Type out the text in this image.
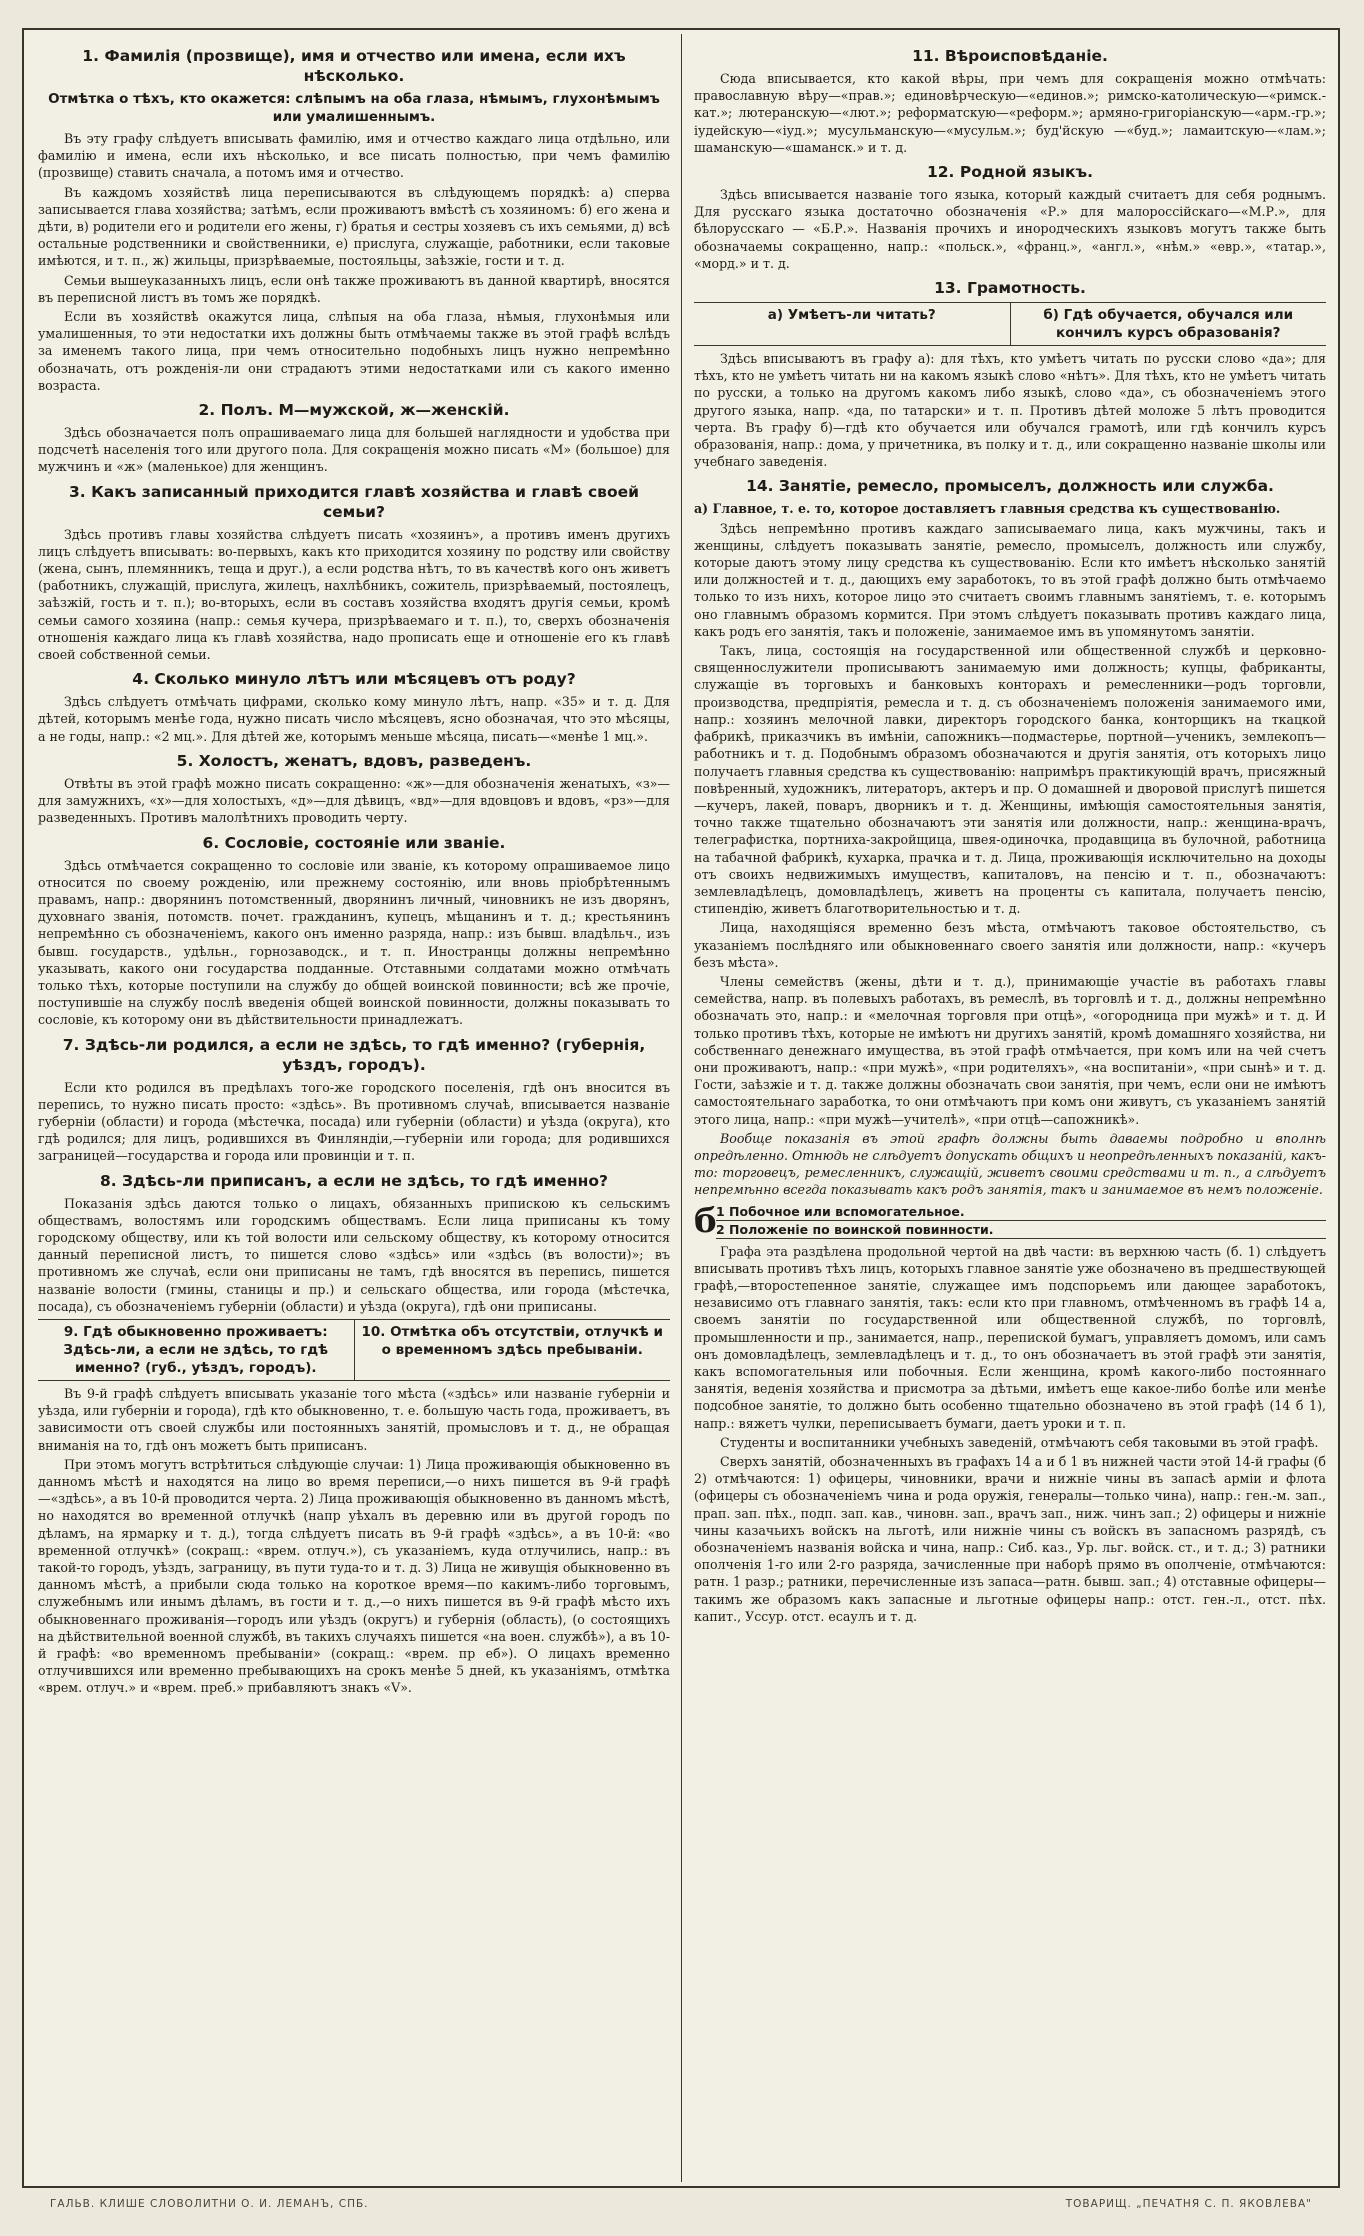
1. Фамилія (прозвище), имя и отчество или имена, если ихъ нѣсколько.
Отмѣтка о тѣхъ, кто окажется: слѣпымъ на оба глаза, нѣмымъ, глухонѣмымъ или умалишеннымъ.

Въ эту графу слѣдуетъ вписывать фамилію, имя и отчество каждаго лица отдѣльно, или фамилію и имена, если ихъ нѣсколько, и все писать полностью, при чемъ фамилію (прозвище) ставить сначала, а потомъ имя и отчество.

Въ каждомъ хозяйствѣ лица переписываются въ слѣдующемъ порядкѣ: а) сперва записывается глава хозяйства; затѣмъ, если проживаютъ вмѣстѣ съ хозяиномъ: б) его жена и дѣти, в) родители его и родители его жены, г) братья и сестры хозяевъ съ ихъ семьями, д) всѣ остальные родственники и свойственники, е) прислуга, служащіе, работники, если таковые имѣются, и т. п., ж) жильцы, призрѣваемые, постояльцы, заѣзжіе, гости и т. д.

Семьи вышеуказанныхъ лицъ, если онѣ также проживаютъ въ данной квартирѣ, вносятся въ переписной листъ въ томъ же порядкѣ.

Если въ хозяйствѣ окажутся лица, слѣпыя на оба глаза, нѣмыя, глухонѣмыя или умалишенныя, то эти недостатки ихъ должны быть отмѣчаемы также въ этой графѣ вслѣдъ за именемъ такого лица, при чемъ относительно подобныхъ лицъ нужно непремѣнно обозначать, отъ рожденія-ли они страдаютъ этими недостатками или съ какого именно возраста.

2. Полъ. М—мужской, ж—женскій.

Здѣсь обозначается полъ опрашиваемаго лица для большей наглядности и удобства при подсчетѣ населенія того или другого пола. Для сокращенія можно писать «М» (большое) для мужчинъ и «ж» (маленькое) для женщинъ.

3. Какъ записанный приходится главѣ хозяйства и главѣ своей семьи?

Здѣсь противъ главы хозяйства слѣдуетъ писать «хозяинъ», а противъ именъ другихъ лицъ слѣдуетъ вписывать: во-первыхъ, какъ кто приходится хозяину по родству или свойству (жена, сынъ, племянникъ, теща и друг.), а если родства нѣтъ, то въ качествѣ кого онъ живетъ (работникъ, служащій, прислуга, жилецъ, нахлѣбникъ, сожитель, призрѣваемый, постоялецъ, заѣзжій, гость и т. п.); во-вторыхъ, если въ составъ хозяйства входятъ другія семьи, кромѣ семьи самого хозяина (напр.: семья кучера, призрѣваемаго и т. п.), то, сверхъ обозначенія отношенія каждаго лица къ главѣ хозяйства, надо прописать еще и отношеніе его къ главѣ своей собственной семьи.

4. Сколько минуло лѣтъ или мѣсяцевъ отъ роду?

Здѣсь слѣдуетъ отмѣчать цифрами, сколько кому минуло лѣтъ, напр. «35» и т. д. Для дѣтей, которымъ менѣе года, нужно писать число мѣсяцевъ, ясно обозначая, что это мѣсяцы, а не годы, напр.: «2 мц.». Для дѣтей же, которымъ меньше мѣсяца, писать—«менѣе 1 мц.».

5. Холостъ, женатъ, вдовъ, разведенъ.

Отвѣты въ этой графѣ можно писать сокращенно: «ж»—для обозначенія женатыхъ, «з»—для замужнихъ, «х»—для холостыхъ, «д»—для дѣвицъ, «вд»—для вдовцовъ и вдовъ, «рз»—для разведенныхъ. Противъ малолѣтнихъ проводить черту.

6. Сословіе, состояніе или званіе.

Здѣсь отмѣчается сокращенно то сословіе или званіе, къ которому опрашиваемое лицо относится по своему рожденію, или прежнему состоянію, или вновь пріобрѣтеннымъ правамъ, напр.: дворянинъ потомственный, дворянинъ личный, чиновникъ не изъ дворянъ, духовнаго званія, потомств. почет. гражданинъ, купецъ, мѣщанинъ и т. д.; крестьянинъ непремѣнно съ обозначеніемъ, какого онъ именно разряда, напр.: изъ бывш. владѣльч., изъ бывш. государств., удѣльн., горнозаводск., и т. п. Иностранцы должны непремѣнно указывать, какого они государства подданные. Отставными солдатами можно отмѣчать только тѣхъ, которые поступили на службу до общей воинской повинности; всѣ же прочіе, поступившіе на службу послѣ введенія общей воинской повинности, должны показывать то сословіе, къ которому они въ дѣйствительности принадлежатъ.

7. Здѣсь-ли родился, а если не здѣсь, то гдѣ именно? (губернія, уѣздъ, городъ).

Если кто родился въ предѣлахъ того-же городского поселенія, гдѣ онъ вносится въ перепись, то нужно писать просто: «здѣсь». Въ противномъ случаѣ, вписывается названіе губерніи (области) и города (мѣстечка, посада) или губерніи (области) и уѣзда (округа), кто гдѣ родился; для лицъ, родившихся въ Финляндіи,—губерніи или города; для родившихся заграницей—государства и города или провинціи и т. п.

8. Здѣсь-ли приписанъ, а если не здѣсь, то гдѣ именно?

Показанія здѣсь даются только о лицахъ, обязанныхъ припискою къ сельскимъ обществамъ, волостямъ или городскимъ обществамъ. Если лица приписаны къ тому городскому обществу, или къ той волости или сельскому обществу, къ которому относится данный переписной листъ, то пишется слово «здѣсь» или «здѣсь (въ волости)»; въ противномъ же случаѣ, если они приписаны не тамъ, гдѣ вносятся въ перепись, пишется названіе волости (гмины, станицы и пр.) и сельскаго общества, или города (мѣстечка, посада), съ обозначеніемъ губерніи (области) и уѣзда (округа), гдѣ они приписаны.

9. Гдѣ обыкновенно проживаетъ: Здѣсь-ли, а если не здѣсь, то гдѣ именно? (губ., уѣздъ, городъ).
10. Отмѣтка объ отсутствіи, отлучкѣ и о временномъ здѣсь пребываніи.

Въ 9-й графѣ слѣдуетъ вписывать указаніе того мѣста («здѣсь» или названіе губерніи и уѣзда, или губерніи и города), гдѣ кто обыкновенно, т. е. большую часть года, проживаетъ, въ зависимости отъ своей службы или постоянныхъ занятій, промысловъ и т. д., не обращая вниманія на то, гдѣ онъ можетъ быть приписанъ.

При этомъ могутъ встрѣтиться слѣдующіе случаи: 1) Лица проживающія обыкновенно въ данномъ мѣстѣ и находятся на лицо во время переписи,—о нихъ пишется въ 9-й графѣ—«здѣсь», а въ 10-й проводится черта. 2) Лица проживающія обыкновенно въ данномъ мѣстѣ, но находятся во временной отлучкѣ (напр уѣхалъ въ деревню или въ другой городъ по дѣламъ, на ярмарку и т. д.), тогда слѣдуетъ писать въ 9-й графѣ «здѣсь», а въ 10-й: «во временной отлучкѣ» (сокращ.: «врем. отлуч.»), съ указаніемъ, куда отлучились, напр.: въ такой-то городъ, уѣздъ, заграницу, въ пути туда-то и т. д. 3) Лица не живущія обыкновенно въ данномъ мѣстѣ, а прибыли сюда только на короткое время—по какимъ-либо торговымъ, служебнымъ или инымъ дѣламъ, въ гости и т. д.,—о нихъ пишется въ 9-й графѣ мѣсто ихъ обыкновеннаго проживанія—городъ или уѣздъ (округъ) и губернія (область), (о состоящихъ на дѣйствительной военной службѣ, въ такихъ случаяхъ пишется «на воен. службѣ»), а въ 10-й графѣ: «во временномъ пребываніи» (сокращ.: «врем. пр еб»). О лицахъ временно отлучившихся или временно пребывающихъ на срокъ менѣе 5 дней, къ указаніямъ, отмѣтка «врем. отлуч.» и «врем. преб.» прибавляютъ знакъ «V».

11. Вѣроисповѣданіе.

Сюда вписывается, кто какой вѣры, при чемъ для сокращенія можно отмѣчать: православную вѣру—«прав.»; единовѣрческую—«единов.»; римско-католическую—«римск.-кат.»; лютеранскую—«лют.»; реформатскую—«реформ.»; армяно-григоріанскую—«арм.-гр.»; іудейскую—«іуд.»; мусульманскую—«мусульм.»; буд'йскую —«буд.»; ламаитскую—«лам.»; шаманскую—«шаманск.» и т. д.

12. Родной языкъ.

Здѣсь вписывается названіе того языка, который каждый считаетъ для себя роднымъ. Для русскаго языка достаточно обозначенія «Р.» для малороссійскаго—«М.Р.», для бѣлорусскаго — «Б.Р.». Названія прочихъ и инородческихъ языковъ могутъ также быть обозначаемы сокращенно, напр.: «польск.», «франц.», «англ.», «нѣм.» «евр.», «татар.», «морд.» и т. д.

13. Грамотность.
а) Умѣетъ-ли читать?	б) Гдѣ обучается, обучался или кончилъ курсъ образованія?

Здѣсь вписываютъ въ графу а): для тѣхъ, кто умѣетъ читать по русски слово «да»; для тѣхъ, кто не умѣетъ читать ни на какомъ языкѣ слово «нѣтъ». Для тѣхъ, кто не умѣетъ читать по русски, а только на другомъ какомъ либо языкѣ, слово «да», съ обозначеніемъ этого другого языка, напр. «да, по татарски» и т. п. Противъ дѣтей моложе 5 лѣтъ проводится черта. Въ графу б)—гдѣ кто обучается или обучался грамотѣ, или гдѣ кончилъ курсъ образованія, напр.: дома, у причетника, въ полку и т. д., или сокращенно названіе школы или учебнаго заведенія.

14. Занятіе, ремесло, промыселъ, должность или служба.

а) Главное, т. е. то, которое доставляетъ главныя средства къ существованію.

Здѣсь непремѣнно противъ каждаго записываемаго лица, какъ мужчины, такъ и женщины, слѣдуетъ показывать занятіе, ремесло, промыселъ, должность или службу, которые даютъ этому лицу средства къ существованію. Если кто имѣетъ нѣсколько занятій или должностей и т. д., дающихъ ему заработокъ, то въ этой графѣ должно быть отмѣчаемо только то изъ нихъ, которое лицо это считаетъ своимъ главнымъ занятіемъ, т. е. которымъ оно главнымъ образомъ кормится. При этомъ слѣдуетъ показывать противъ каждаго лица, какъ родъ его занятія, такъ и положеніе, занимаемое имъ въ упомянутомъ занятіи.

Такъ, лица, состоящія на государственной или общественной службѣ и церковно-священнослужители прописываютъ занимаемую ими должность; купцы, фабриканты, служащіе въ торговыхъ и банковыхъ конторахъ и ремесленники—родъ торговли, производства, предпріятія, ремесла и т. д. съ обозначеніемъ положенія занимаемого ими, напр.: хозяинъ мелочной лавки, директоръ городского банка, конторщикъ на ткацкой фабрикѣ, приказчикъ въ имѣніи, сапожникъ—подмастерье, портной—ученикъ, землекопъ—работникъ и т. д. Подобнымъ образомъ обозначаются и другія занятія, отъ которыхъ лицо получаетъ главныя средства къ существованію: напримѣръ практикующій врачъ, присяжный повѣренный, художникъ, литераторъ, актеръ и пр. О домашней и дворовой прислугѣ пишется—кучеръ, лакей, поваръ, дворникъ и т. д. Женщины, имѣющія самостоятельныя занятія, точно также тщательно обозначаютъ эти занятія или должности, напр.: женщина-врачъ, телеграфистка, портниха-закройщица, швея-одиночка, продавщица въ булочной, работница на табачной фабрикѣ, кухарка, прачка и т. д. Лица, проживающія исключительно на доходы отъ своихъ недвижимыхъ имуществъ, капиталовъ, на пенсію и т. п., обозначаютъ: землевладѣлецъ, домовладѣлецъ, живетъ на проценты съ капитала, получаетъ пенсію, стипендію, живетъ благотворительностью и т. д.

Лица, находящіяся временно безъ мѣста, отмѣчаютъ таковое обстоятельство, съ указаніемъ послѣдняго или обыкновеннаго своего занятія или должности, напр.: «кучеръ безъ мѣста».

Члены семействъ (жены, дѣти и т. д.), принимающіе участіе въ работахъ главы семейства, напр. въ полевыхъ работахъ, въ ремеслѣ, въ торговлѣ и т. д., должны непремѣнно обозначать это, напр.: и «мелочная торговля при отцѣ», «огородница при мужѣ» и т. д. И только противъ тѣхъ, которые не имѣютъ ни другихъ занятій, кромѣ домашняго хозяйства, ни собственнаго денежнаго имущества, въ этой графѣ отмѣчается, при комъ или на чей счетъ они проживаютъ, напр.: «при мужѣ», «при родителяхъ», «на воспитаніи», «при сынѣ» и т. д. Гости, заѣзжіе и т. д. также должны обозначать свои занятія, при чемъ, если они не имѣютъ самостоятельнаго заработка, то они отмѣчаютъ при комъ они живутъ, съ указаніемъ занятій этого лица, напр.: «при мужѣ—учителѣ», «при отцѣ—сапожникѣ».

Вообще показанія въ этой графѣ должны быть даваемы подробно и вполнѣ опредѣленно. Отнюдь не слѣдуетъ допускать общихъ и неопредѣленныхъ показаній, какъ-то: торговецъ, ремесленникъ, служащій, живетъ своими средствами и т. п., а слѣдуетъ непремѣнно всегда показывать какъ родъ занятія, такъ и занимаемое въ немъ положеніе.

б 1 Побочное или вспомогательное.
2 Положеніе по воинской повинности.

Графа эта раздѣлена продольной чертой на двѣ части: въ верхнюю часть (б. 1) слѣдуетъ вписывать противъ тѣхъ лицъ, которыхъ главное занятіе уже обозначено въ предшествующей графѣ,—второстепенное занятіе, служащее имъ подспорьемъ или дающее заработокъ, независимо отъ главнаго занятія, такъ: если кто при главномъ, отмѣченномъ въ графѣ 14 а, своемъ занятіи по государственной или общественной службѣ, по торговлѣ, промышленности и пр., занимается, напр., перепиской бумагъ, управляетъ домомъ, или самъ онъ домовладѣлецъ, землевладѣлецъ и т. д., то онъ обозначаетъ въ этой графѣ эти занятія, какъ вспомогательныя или побочныя. Если женщина, кромѣ какого-либо постояннаго занятія, веденія хозяйства и присмотра за дѣтьми, имѣетъ еще какое-либо болѣе или менѣе подсобное занятіе, то должно быть особенно тщательно обозначено въ этой графѣ (14 б 1), напр.: вяжетъ чулки, переписываетъ бумаги, даетъ уроки и т. п.

Студенты и воспитанники учебныхъ заведеній, отмѣчаютъ себя таковыми въ этой графѣ.

Сверхъ занятій, обозначенныхъ въ графахъ 14 а и б 1 въ нижней части этой 14-й графы (б 2) отмѣчаются: 1) офицеры, чиновники, врачи и нижніе чины въ запасѣ армiи и флота (офицеры съ обозначеніемъ чина и рода оружія, генералы—только чина), напр.: ген.-м. зап., прап. зап. пѣх., подп. зап. кав., чиновн. зап., врачъ зап., ниж. чинъ зап.; 2) офицеры и нижніе чины казачьихъ войскъ на льготѣ, или нижніе чины съ войскъ въ запасномъ разрядѣ, съ обозначеніемъ названія войска и чина, напр.: Сиб. каз., Ур. льг. войск. ст., и т. д.; 3) ратники ополченія 1-го или 2-го разряда, зачисленные при наборѣ прямо въ ополченіе, отмѣчаются: ратн. 1 разр.; ратники, перечисленные изъ запаса—ратн. бывш. зап.; 4) отставные офицеры—такимъ же образомъ какъ запасные и льготные офицеры напр.: отст. ген.-л., отст. пѣх. капит., Уссур. отст. есаулъ и т. д.

ГАЛЬВ. КЛИШЕ СЛОВОЛИТНИ О. И. ЛЕМАНЪ, СПБ.	ТОВАРИЩ. „ПЕЧАТНЯ С. П. ЯКОВЛЕВА"
